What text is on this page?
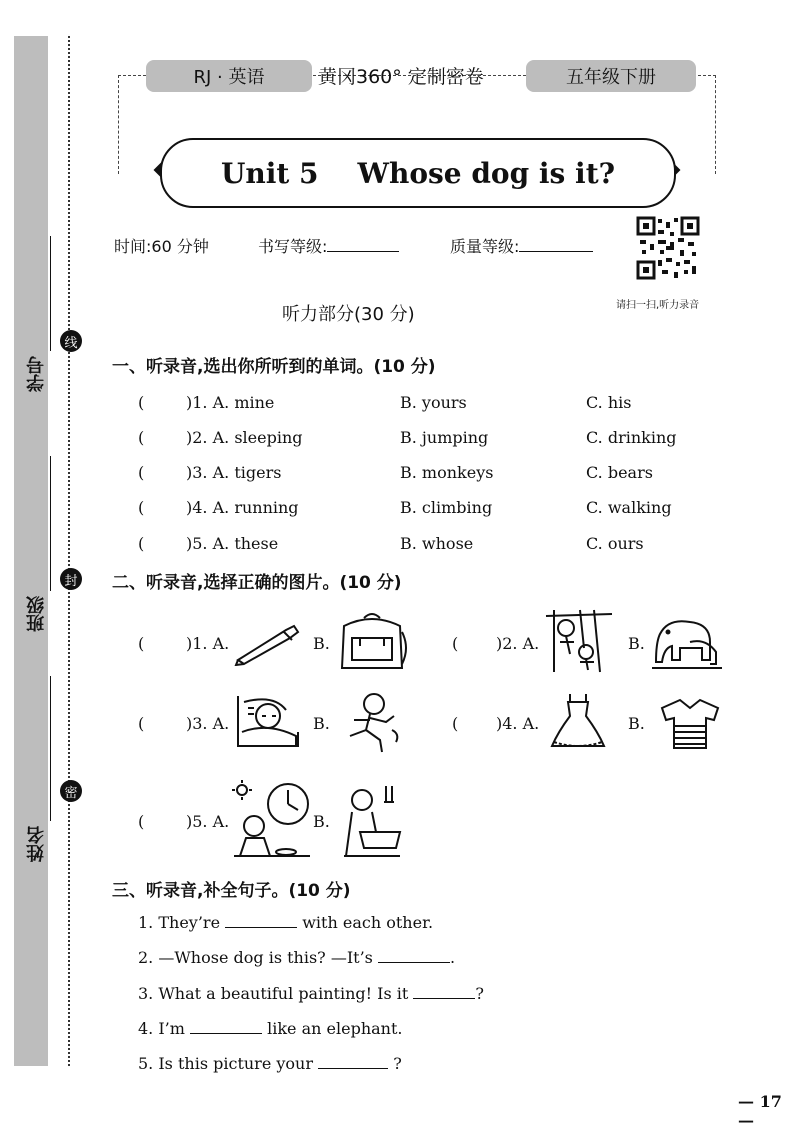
学号
班级
姓名
线
封
密
RJ · 英语	黄冈360° 定制密卷	五年级下册
Unit 5    Whose dog is it?
时间:60 分钟	书写等级:	质量等级:
请扫一扫,听力录音
听力部分(30 分)
一、听录音,选出你所听到的单词。(10 分)
(	)1. A. mine	B. yours	C. his
(	)2. A. sleeping	B. jumping	C. drinking
(	)3. A. tigers	B. monkeys	C. bears
(	)4. A. running	B. climbing	C. walking
(	)5. A. these	B. whose	C. ours
二、听录音,选择正确的图片。(10 分)
(	)1. A.	B.	( )2. A.	B.
(	)3. A.	B.	( )4. A.	B.
(	)5. A.	B.
三、听录音,补全句子。(10 分)
1. They’re	with each other.
2. —Whose dog is this? —It’s	.
3. What a beautiful painting! Is it	?
4. I’m	like an elephant.
5. Is this picture your	?
— 17 —
